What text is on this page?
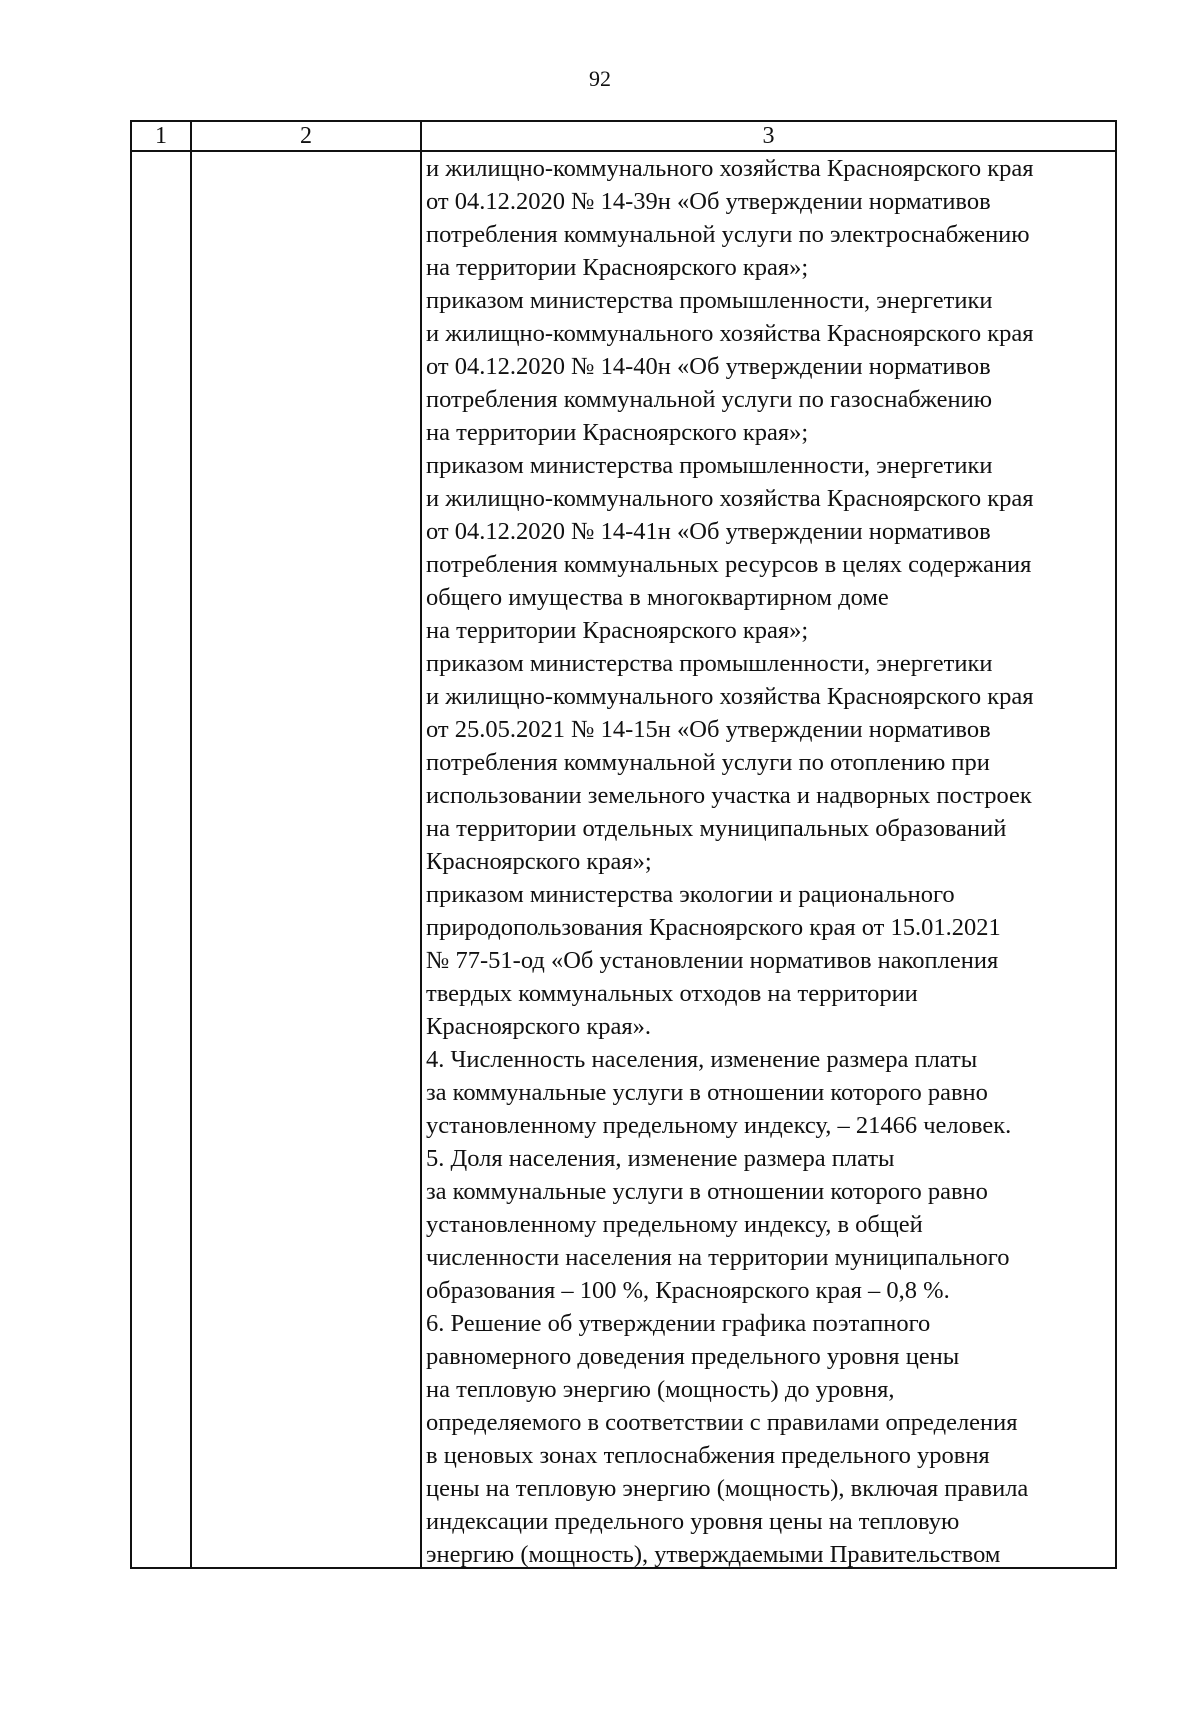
92
1	2	3
и жилищно-коммунального хозяйства Красноярского края
от 04.12.2020 № 14-39н «Об утверждении нормативов
потребления коммунальной услуги по электроснабжению
на территории Красноярского края»;
приказом министерства промышленности, энергетики
и жилищно-коммунального хозяйства Красноярского края
от 04.12.2020 № 14-40н «Об утверждении нормативов
потребления коммунальной услуги по газоснабжению
на территории Красноярского края»;
приказом министерства промышленности, энергетики
и жилищно-коммунального хозяйства Красноярского края
от 04.12.2020 № 14-41н «Об утверждении нормативов
потребления коммунальных ресурсов в целях содержания
общего имущества в многоквартирном доме
на территории Красноярского края»;
приказом министерства промышленности, энергетики
и жилищно-коммунального хозяйства Красноярского края
от 25.05.2021 № 14-15н «Об утверждении нормативов
потребления коммунальной услуги по отоплению при
использовании земельного участка и надворных построек
на территории отдельных муниципальных образований
Красноярского края»;
приказом министерства экологии и рационального
природопользования Красноярского края от 15.01.2021
№ 77-51-од «Об установлении нормативов накопления
твердых коммунальных отходов на территории
Красноярского края».
4. Численность населения, изменение размера платы
за коммунальные услуги в отношении которого равно
установленному предельному индексу, – 21466 человек.
5. Доля населения, изменение размера платы
за коммунальные услуги в отношении которого равно
установленному предельному индексу, в общей
численности населения на территории муниципального
образования – 100 %, Красноярского края – 0,8 %.
6. Решение об утверждении графика поэтапного
равномерного доведения предельного уровня цены
на тепловую энергию (мощность) до уровня,
определяемого в соответствии с правилами определения
в ценовых зонах теплоснабжения предельного уровня
цены на тепловую энергию (мощность), включая правила
индексации предельного уровня цены на тепловую
энергию (мощность), утверждаемыми Правительством
